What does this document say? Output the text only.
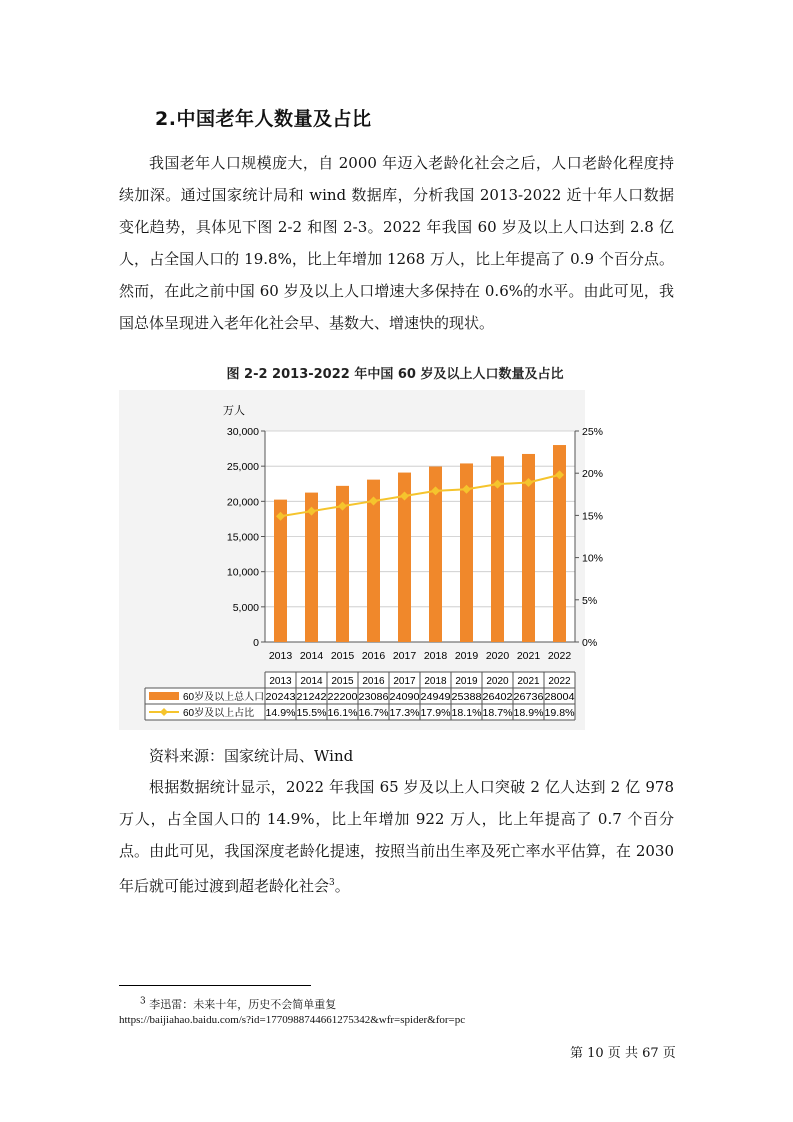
2.中国老年人数量及占比

我国老年人口规模庞大，自 2000 年迈入老龄化社会之后，人口老龄化程度持续加深。通过国家统计局和 wind 数据库，分析我国 2013-2022 近十年人口数据变化趋势，具体见下图 2-2 和图 2-3。2022 年我国 60 岁及以上人口达到 2.8 亿人，占全国人口的 19.8%，比上年增加 1268 万人，比上年提高了 0.9 个百分点。然而，在此之前中国 60 岁及以上人口增速大多保持在 0.6%的水平。由此可见，我国总体呈现进入老年化社会早、基数大、增速快的现状。

图 2-2 2013-2022 年中国 60 岁及以上人口数量及占比
万人
0
5,000
10,000
15,000
20,000
25,000
30,000
0%
5%
10%
15%
20%
25%
2013 2014 2015 2016 2017 2018 2019 2020 2021 2022
2013 2014 2015 2016 2017 2018 2019 2020 2021 2022
60岁及以上总人口
60岁及以上占比
20243 21242 22200 23086 24090 24949 25388 26402 26736 28004
14.9% 15.5% 16.1% 16.7% 17.3% 17.9% 18.1% 18.7% 18.9% 19.8%
资料来源：国家统计局、Wind

根据数据统计显示，2022 年我国 65 岁及以上人口突破 2 亿人达到 2 亿 978 万人，占全国人口的 14.9%，比上年增加 922 万人，比上年提高了 0.7 个百分点。由此可见，我国深度老龄化提速，按照当前出生率及死亡率水平估算，在 2030 年后就可能过渡到超老龄化社会$^3$。

$^3$ 李迅雷：未来十年，历史不会简单重复
https://baijiahao.baidu.com/s?id=1770988744661275342&wfr=spider&for=pc
第 10 页 共 67 页
